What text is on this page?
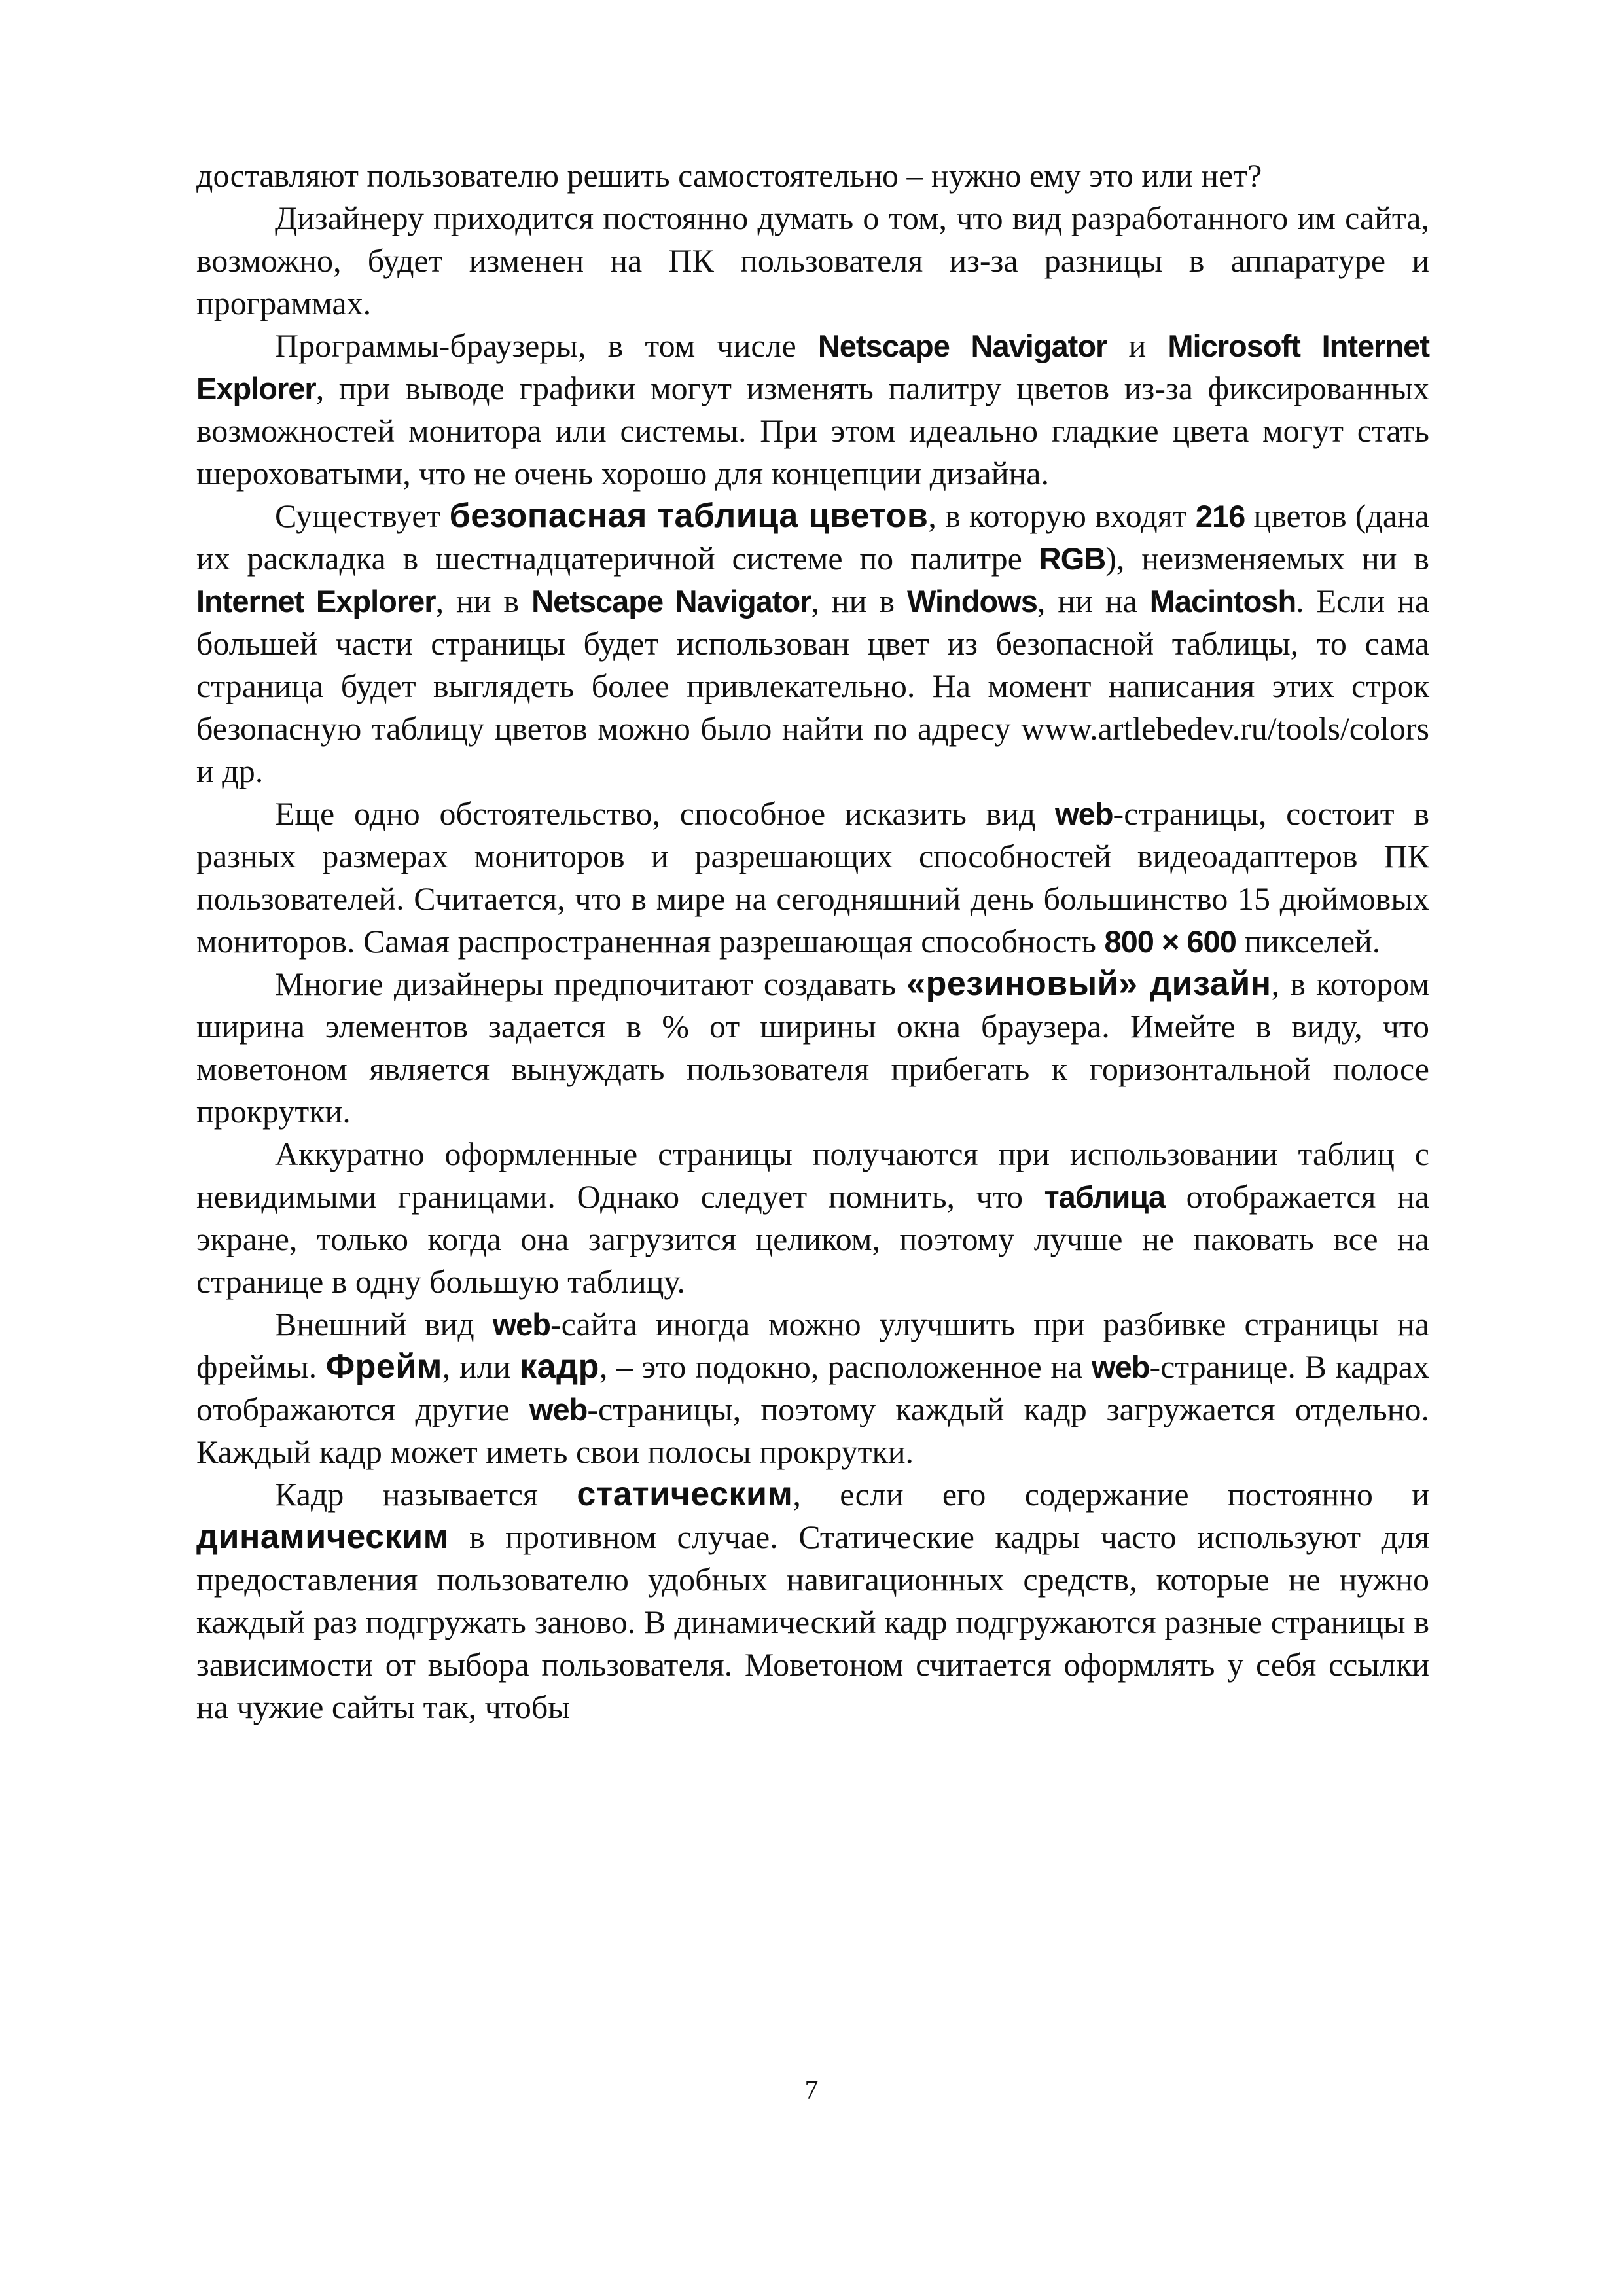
доставляют пользователю решить самостоятельно – нужно ему это или нет?

Дизайнеру приходится постоянно думать о том, что вид разработанного им сайта, возможно, будет изменен на ПК пользователя из-за разницы в аппаратуре и программах.

Программы-браузеры, в том числе Netscape Navigator и Microsoft Internet Explorer, при выводе графики могут изменять палитру цветов из-за фиксированных возможностей монитора или системы. При этом идеально гладкие цвета могут стать шероховатыми, что не очень хорошо для концепции дизайна.

Существует безопасная таблица цветов, в которую входят 216 цветов (дана их раскладка в шестнадцатеричной системе по палитре RGB), неизменяемых ни в Internet Explorer, ни в Netscape Navigator, ни в Windows, ни на Macintosh. Если на большей части страницы будет использован цвет из безопасной таблицы, то сама страница будет выглядеть более привлекательно. На момент написания этих строк безопасную таблицу цветов можно было найти по адресу www.artlebedev.ru/tools/colors и др.

Еще одно обстоятельство, способное исказить вид web-страницы, состоит в разных размерах мониторов и разрешающих способностей видеоадаптеров ПК пользователей. Считается, что в мире на сегодняшний день большинство 15 дюймовых мониторов. Самая распространенная разрешающая способность 800 × 600 пикселей.

Многие дизайнеры предпочитают создавать «резиновый» дизайн, в котором ширина элементов задается в % от ширины окна браузера. Имейте в виду, что моветоном является вынуждать пользователя прибегать к горизонтальной полосе прокрутки.

Аккуратно оформленные страницы получаются при использовании таблиц с невидимыми границами. Однако следует помнить, что таблица отображается на экране, только когда она загрузится целиком, поэтому лучше не паковать все на странице в одну большую таблицу.

Внешний вид web-сайта иногда можно улучшить при разбивке страницы на фреймы. Фрейм, или кадр, – это подокно, расположенное на web-странице. В кадрах отображаются другие web-страницы, поэтому каждый кадр загружается отдельно. Каждый кадр может иметь свои полосы прокрутки.

Кадр называется статическим, если его содержание постоянно и динамическим в противном случае. Статические кадры часто используют для предоставления пользователю удобных навигационных средств, которые не нужно каждый раз подгружать заново. В динамический кадр подгружаются разные страницы в зависимости от выбора пользователя. Моветоном считается оформлять у себя ссылки на чужие сайты так, чтобы

7
